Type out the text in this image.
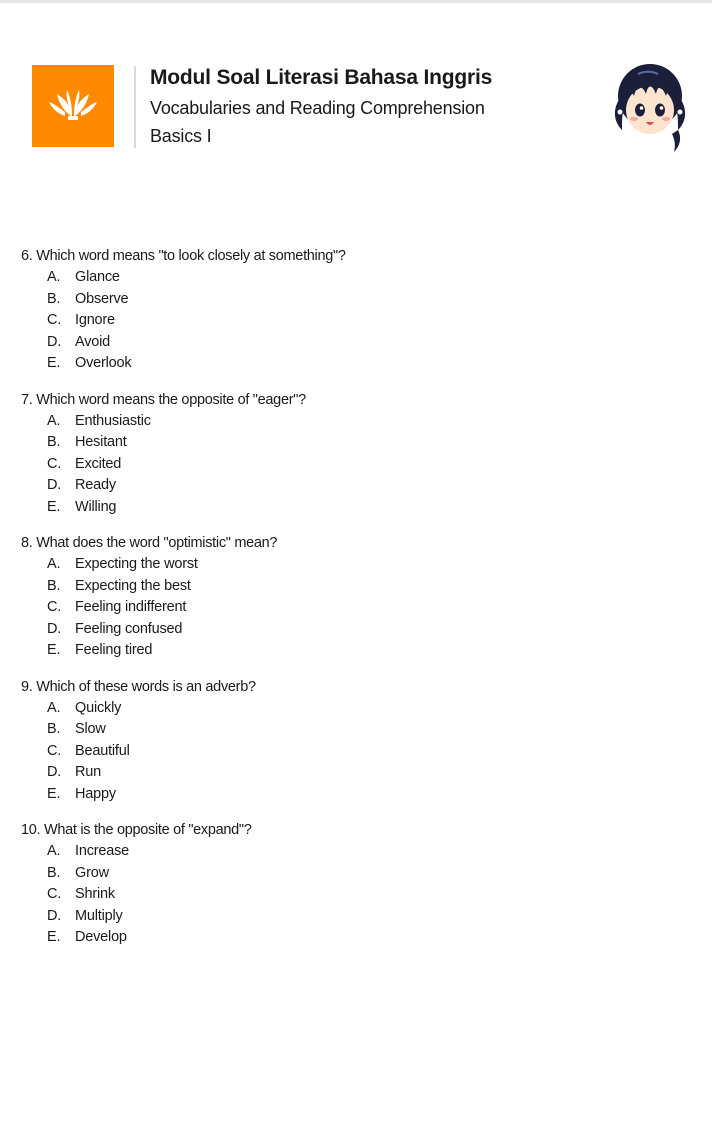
Modul Soal Literasi Bahasa Inggris
Vocabularies and Reading Comprehension
Basics I
6. Which word means "to look closely at something"?
A. Glance
B. Observe
C. Ignore
D. Avoid
E. Overlook
7. Which word means the opposite of "eager"?
A. Enthusiastic
B. Hesitant
C. Excited
D. Ready
E. Willing
8. What does the word "optimistic" mean?
A. Expecting the worst
B. Expecting the best
C. Feeling indifferent
D. Feeling confused
E. Feeling tired
9. Which of these words is an adverb?
A. Quickly
B. Slow
C. Beautiful
D. Run
E. Happy
10. What is the opposite of "expand"?
A. Increase
B. Grow
C. Shrink
D. Multiply
E. Develop
